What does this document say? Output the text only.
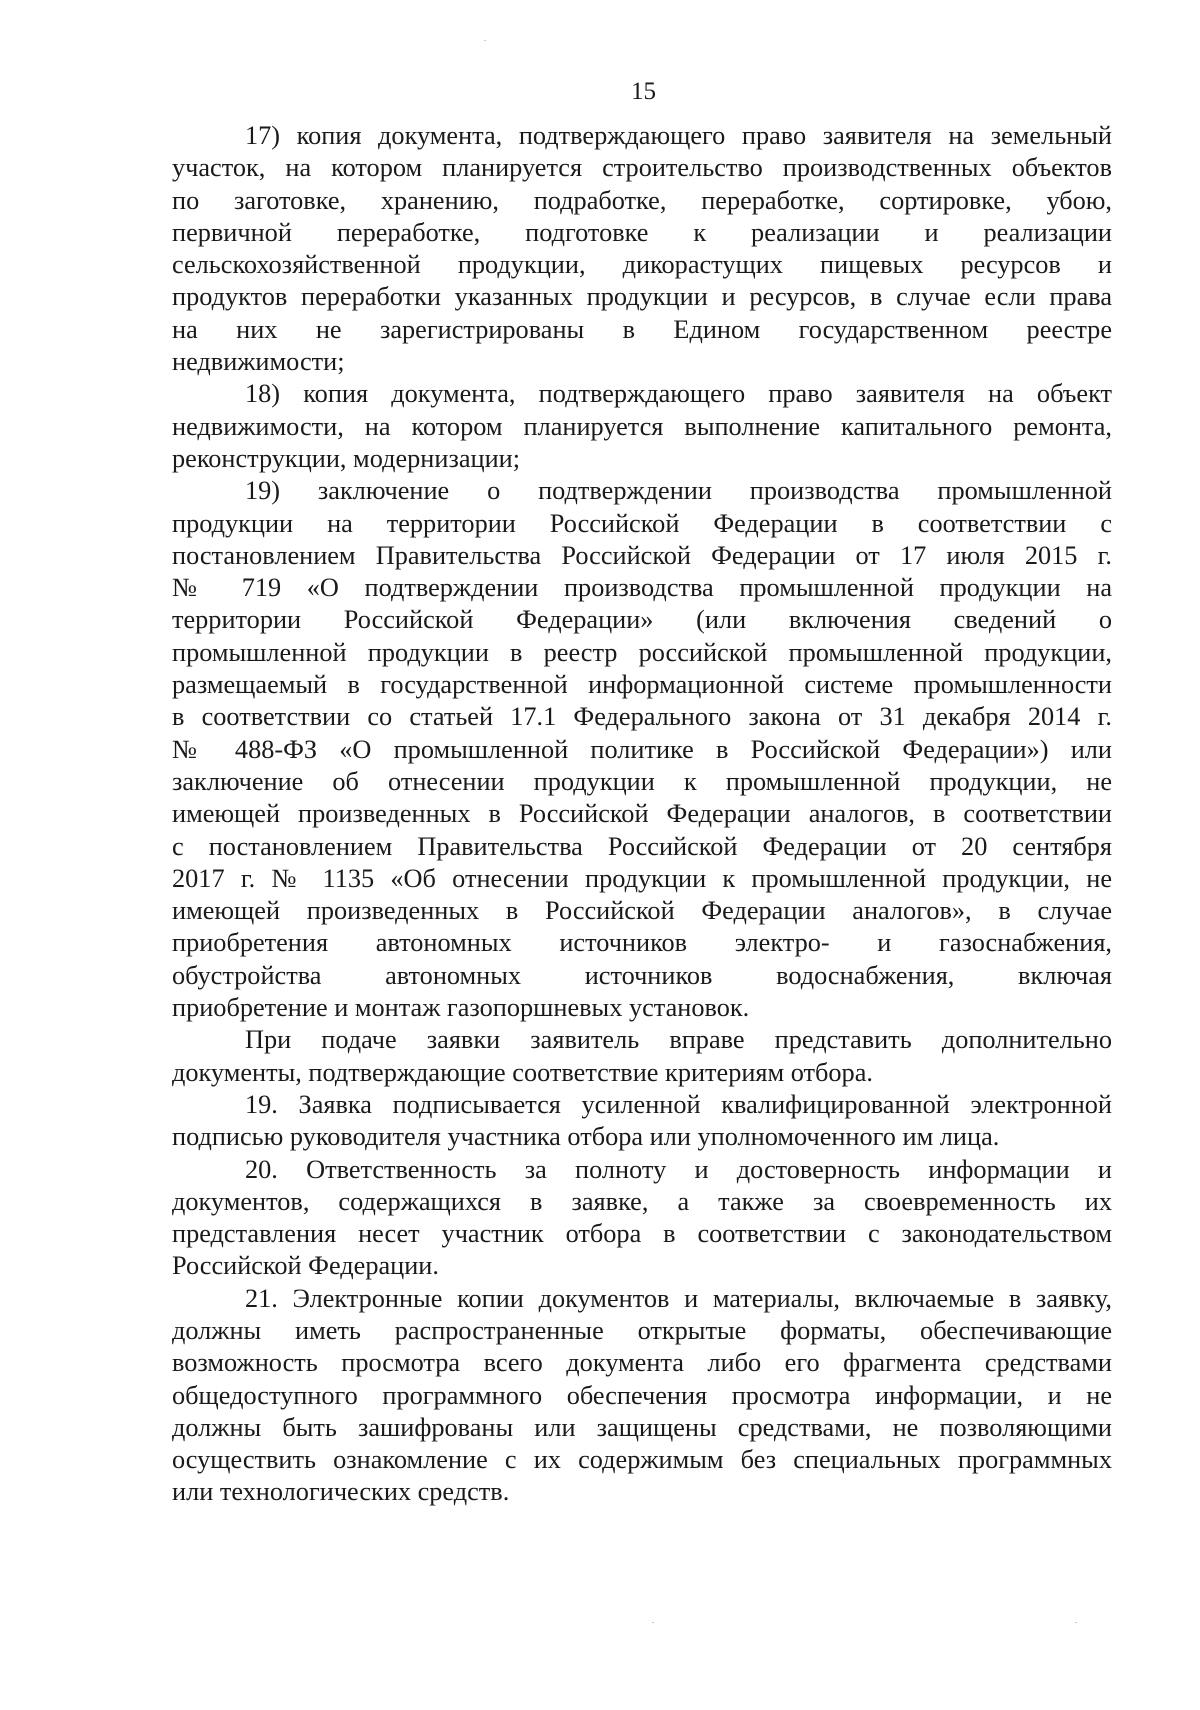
15
17) копия документа, подтверждающего право заявителя на земельный
участок, на котором планируется строительство производственных объектов
по заготовке, хранению, подработке, переработке, сортировке, убою,
первичной переработке, подготовке к реализации и реализации
сельскохозяйственной продукции, дикорастущих пищевых ресурсов и
продуктов переработки указанных продукции и ресурсов, в случае если права
на них не зарегистрированы в Едином государственном реестре
недвижимости;
18) копия документа, подтверждающего право заявителя на объект
недвижимости, на котором планируется выполнение капитального ремонта,
реконструкции, модернизации;
19) заключение о подтверждении производства промышленной
продукции на территории Российской Федерации в соответствии с
постановлением Правительства Российской Федерации от 17 июля 2015 г.
№ 719 «О подтверждении производства промышленной продукции на
территории Российской Федерации» (или включения сведений о
промышленной продукции в реестр российской промышленной продукции,
размещаемый в государственной информационной системе промышленности
в соответствии со статьей 17.1 Федерального закона от 31 декабря 2014 г.
№ 488-ФЗ «О промышленной политике в Российской Федерации») или
заключение об отнесении продукции к промышленной продукции, не
имеющей произведенных в Российской Федерации аналогов, в соответствии
с постановлением Правительства Российской Федерации от 20 сентября
2017 г. № 1135 «Об отнесении продукции к промышленной продукции, не
имеющей произведенных в Российской Федерации аналогов», в случае
приобретения автономных источников электро- и газоснабжения,
обустройства автономных источников водоснабжения, включая
приобретение и монтаж газопоршневых установок.
При подаче заявки заявитель вправе представить дополнительно
документы, подтверждающие соответствие критериям отбора.
19. Заявка подписывается усиленной квалифицированной электронной
подписью руководителя участника отбора или уполномоченного им лица.
20. Ответственность за полноту и достоверность информации и
документов, содержащихся в заявке, а также за своевременность их
представления несет участник отбора в соответствии с законодательством
Российской Федерации.
21. Электронные копии документов и материалы, включаемые в заявку,
должны иметь распространенные открытые форматы, обеспечивающие
возможность просмотра всего документа либо его фрагмента средствами
общедоступного программного обеспечения просмотра информации, и не
должны быть зашифрованы или защищены средствами, не позволяющими
осуществить ознакомление с их содержимым без специальных программных
или технологических средств.
